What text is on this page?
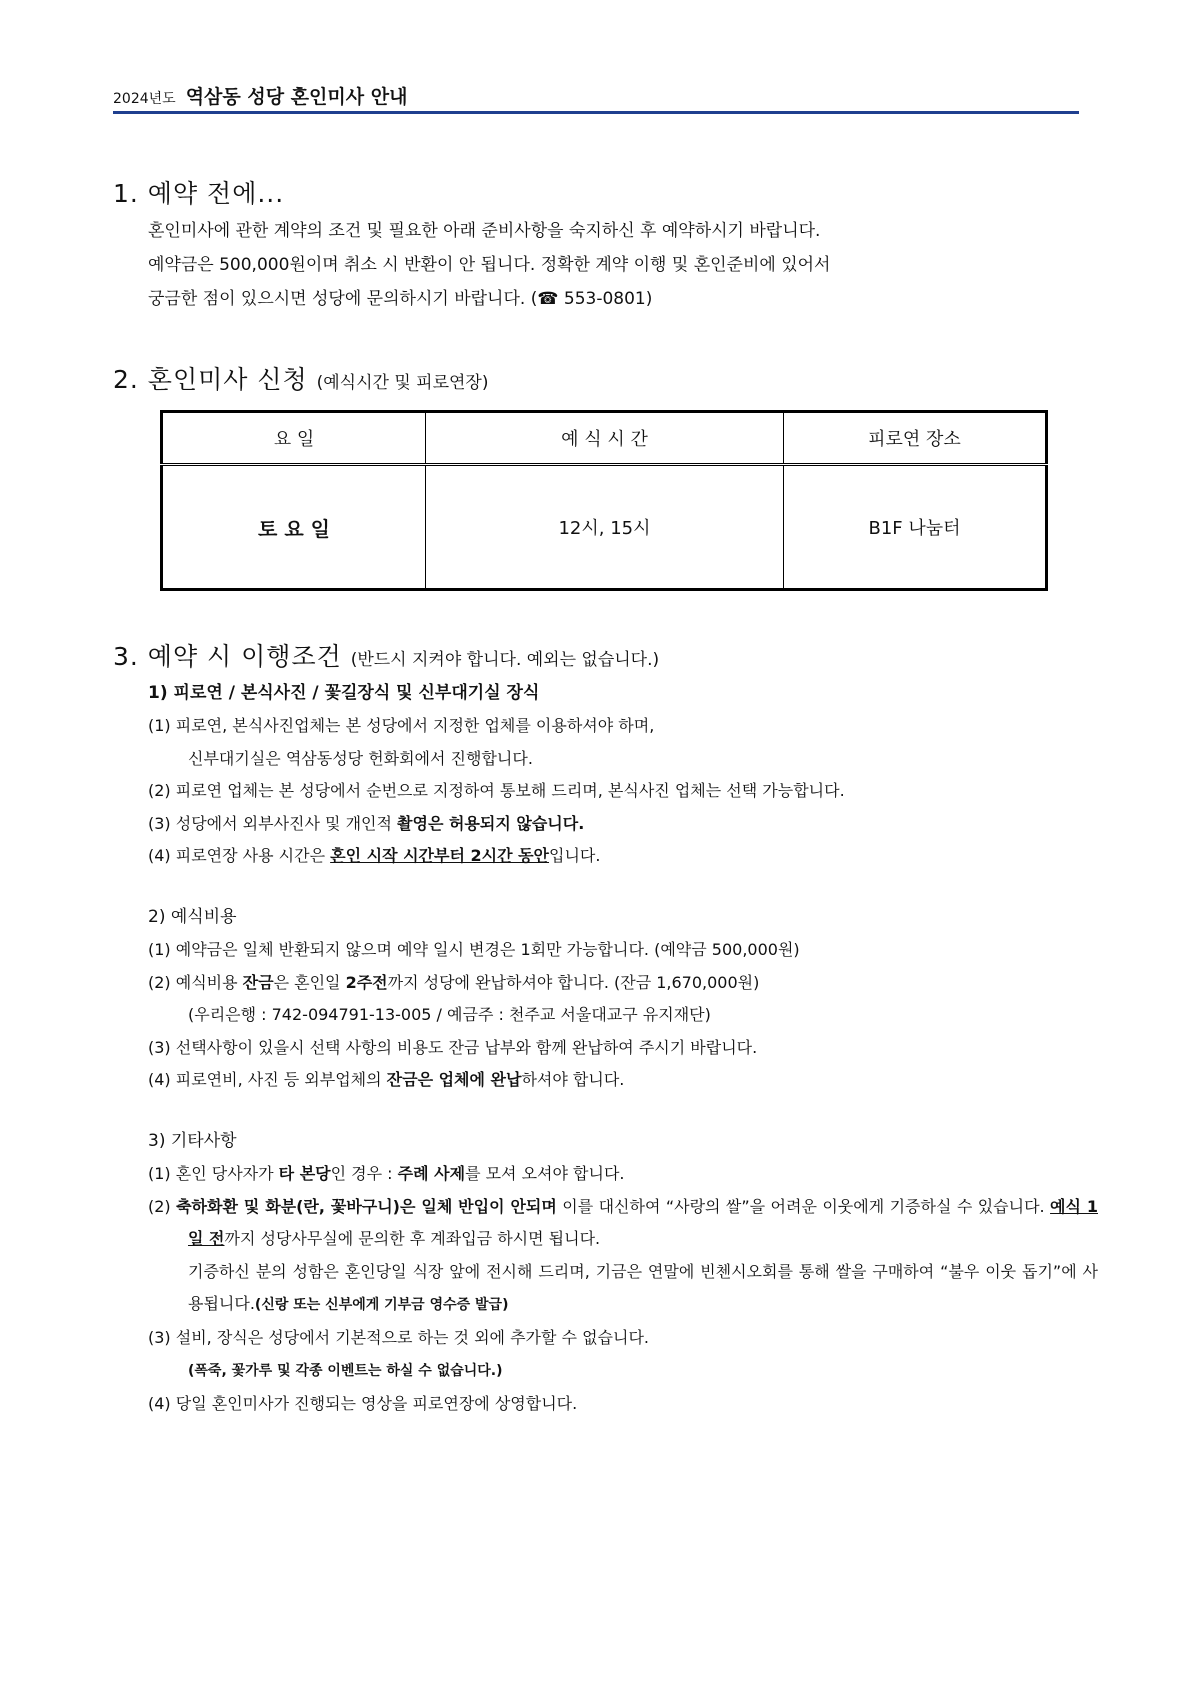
2024년도 역삼동 성당 혼인미사 안내
1. 예약 전에...
혼인미사에 관한 계약의 조건 및 필요한 아래 준비사항을 숙지하신 후 예약하시기 바랍니다.
예약금은 500,000원이며 취소 시 반환이 안 됩니다. 정확한 계약 이행 및 혼인준비에 있어서
궁금한 점이 있으시면 성당에 문의하시기 바랍니다. (☎ 553-0801)
2. 혼인미사 신청 (예식시간 및 피로연장)
요 일	예 식 시 간	피로연 장소
토 요 일	12시, 15시	B1F 나눔터
3. 예약 시 이행조건 (반드시 지켜야 합니다. 예외는 없습니다.)
1) 피로연 / 본식사진 / 꽃길장식 및 신부대기실 장식
(1) 피로연, 본식사진업체는 본 성당에서 지정한 업체를 이용하셔야 하며,
신부대기실은 역삼동성당 헌화회에서 진행합니다.
(2) 피로연 업체는 본 성당에서 순번으로 지정하여 통보해 드리며, 본식사진 업체는 선택 가능합니다.
(3) 성당에서 외부사진사 및 개인적 촬영은 허용되지 않습니다.
(4) 피로연장 사용 시간은 혼인 시작 시간부터 2시간 동안입니다.
2) 예식비용
(1) 예약금은 일체 반환되지 않으며 예약 일시 변경은 1회만 가능합니다. (예약금 500,000원)
(2) 예식비용 잔금은 혼인일 2주전까지 성당에 완납하셔야 합니다. (잔금 1,670,000원)
(우리은행 : 742-094791-13-005 / 예금주 : 천주교 서울대교구 유지재단)
(3) 선택사항이 있을시 선택 사항의 비용도 잔금 납부와 함께 완납하여 주시기 바랍니다.
(4) 피로연비, 사진 등 외부업체의 잔금은 업체에 완납하셔야 합니다.
3) 기타사항
(1) 혼인 당사자가 타 본당인 경우 : 주례 사제를 모셔 오셔야 합니다.
(2) 축하화환 및 화분(란, 꽃바구니)은 일체 반입이 안되며 이를 대신하여 “사랑의 쌀”을 어려운 이웃에게 기증하실 수 있습니다. 예식 1일 전까지 성당사무실에 문의한 후 계좌입금 하시면 됩니다.
기증하신 분의 성함은 혼인당일 식장 앞에 전시해 드리며, 기금은 연말에 빈첸시오회를 통해 쌀을 구매하여 “불우 이웃 돕기”에 사용됩니다.(신랑 또는 신부에게 기부금 영수증 발급)
(3) 설비, 장식은 성당에서 기본적으로 하는 것 외에 추가할 수 없습니다.
(폭죽, 꽃가루 및 각종 이벤트는 하실 수 없습니다.)
(4) 당일 혼인미사가 진행되는 영상을 피로연장에 상영합니다.
